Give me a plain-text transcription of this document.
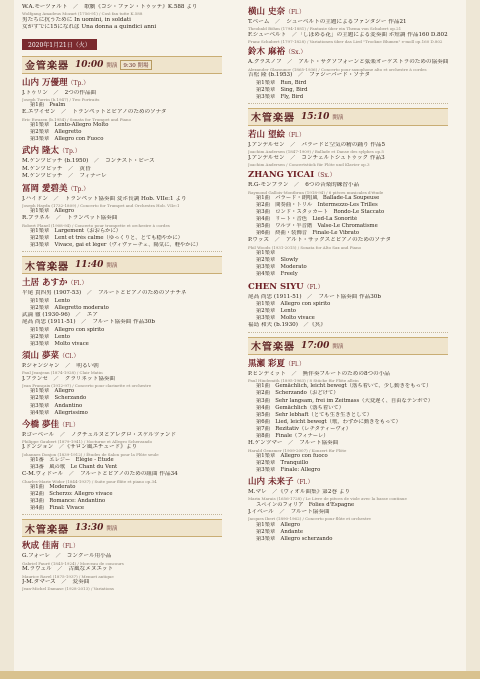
W.A.モーツァルト　／　歌劇《コシ・ファン・トゥッテ》K.588 より
Wolfgang Amadeus Mozart (1756-91) / Così fan tutte K.588
男たちに抗うために In uomini, in soldati
女がすでに15になれば Una donna a quindici anni
2020年1月21日（火）
金管楽器 10:00 開演	9:30 開場
山内 万優理（Tp.）
J.トゥリン　／　2つの作品曲
Joseph Turrin (b.1947) / Two Portraits
第1曲　Psalm
E.エワイゼン　／　トランペットとピアノのためのソナタ
Eric Ewazen (b.1954) / Sonata for Trumpet and Piano
第1楽章　Lento-Allegro Molto
第2楽章　Allegretto
第3楽章　Allegro con Fuoco
武内 隆太（Tp.）
M.ケンツピッチ (b.1950)　／　コンテスト・ピース
M.ケンツピッチ　／　黄昏
M.ケンツピッチ　／　フィナーレ
冨岡 愛碧美（Tp.）
J.ハイドン　／　トランペット協奏曲 変ホ長調 Hob. VIIe:1 より
Joseph Haydn (1732-1809) / Concerto for Trumpet and Orchestra Hob. VIIe:1
第1楽章　Allegro
R.プラネル　／　トランペット協奏曲
Robert Planel (1908-94) / Concerto pour trompette et orchestre à cordes
第1楽章　Largement（おおらかに）
第2楽章　Lent et très calme（ゆっくりと、とても穏やかに）
第3楽章　Vivace, gai et léger（ヴィヴァーチェ、陽気に、軽やかに）
木管楽器 11:40 開演
土居 あすか（Fl.）
平尾 貴四男 (1907-53)　／　フルートとピアノのためのソナチネ
第1楽章　Lento
第2楽章　Allegretto moderato
武満 徹 (1930-96)　／　エア
尾高 尚忠 (1911-51)　／　フルート協奏曲 作品30b
第1楽章　Allegro con spirito
第2楽章　Lento
第3楽章　Molto vivace
須山 夢菜（Cl.）
P.ジャンジャン　／　明るい朝
Paul Jeanjean (1874-1928) / Clair Matin
J.フランセ　／　クラリネット協奏曲
Jean Françaix (1912-97) / Concerto pour clarinette et orchestre
第1楽章　Allegro
第2楽章　Scherzando
第3楽章　Andantino
第4楽章　Allegrissimo
今橋 夢佳（Fl.）
P.ゴーベール　／　ノクチュルヌとアレグロ・スケルツァンド
Philippe Gaubert (1879-1941) / Nocturne et Allegro Scherzando
J.ドンジョン　／《サロン風エチュード》より
Johannes Donjon (1839-1912) / Études de Salon pour la Flûte seule
第1番　エレジー　Élégie - Etude
第3番　風の歌　Le Chant du Vent
C-M.ヴィドール　／　フルートとピアノのための組曲 作品34
Charles-Marie Widor (1844-1937) / Suite pour flûte et piano op.34
第1曲　Moderato
第2曲　Scherzo: Allegro vivace
第3曲　Romance: Andantino
第4曲　Final: Vivace
木管楽器 13:30 開演
秋成 佳南（Fl.）
G.フォーレ　／　コンクール用小品
Gabriel Fauré (1845-1924) / Morceau de concours
M.ラヴェル　／　古風なメヌエット
Maurice Ravel (1875-1937) / Menuet antique
J-M.ダマーズ　／　変奏曲
Jean-Michel Damase (1928-2013) / Variations
横山 史奈（Fl.）
T.ベーム　／　シューベルトの主題によるファンタジー 作品21
Theobald Böhm (1794-1881) / Fantasie über ein Thema von Schubert op.21
F.シューベルト　／「しぼめる花」の主題による変奏曲 ホ短調 作品160 D.802
Franz Schubert (1797-1828) / Variationen über das Lied "Trockne Blumen" e-moll op.160 D.802
鈴木 麻裕（Sx.）
A.グラズノフ　／　アルト・サクソフォーンと弦楽オーケストラのための協奏曲
Alexander Glazounov (1865-1936) / Concerto pour saxophone alto et orchestre à cordes
吉松 隆 (b.1953)　／　ファジーバード・ソナタ
第1楽章　Run, Bird
第2楽章　Sing, Bird
第3楽章　Fly, Bird
木管楽器 15:10 開演
若山 望絵（Fl.）
J.アンデルセン　／　バラードと空気の精の踊り 作品5
Joachim Andersen (1847-1909) / Ballade et Danse des sylphes op.5
J.アンデルセン　／　コンチェルトシュトゥック 作品3
Joachim Andersen / Concertstück für Flöte und Klavier op.3
ZHANG YICAI（Sx.）
R.G-モンブラン　／　6つの音楽的練習小品
Raymond Gallois-Montbrun (1918-94) / 6 pièces musicales d'étude
第1曲　バラード・朗唱風　Ballade-La Soupeuse
第2曲　間奏曲・トリル　Intermezzo-Les Trilles
第3曲　ロンド・スタッカート　Rondo-Le Staccato
第4曲　リート・音色　Lied-La Sonorité
第5曲　ワルツ・半音階　Valse-Le Chromatisme
第6曲　終曲・装飾音　Finale-Le Vibrato
P.ウッズ　／　アルト・サックスとピアノのためのソナタ
Phil Woods (1931-2015) / Sonata for Alto Sax and Piano
第1楽章
第2楽章　Slowly
第3楽章　Moderato
第4楽章　Freely
CHEN SIYU（Fl.）
尾高 尚忠 (1911-51)　／　フルート協奏曲 作品30b
第1楽章　Allegro con spirito
第2楽章　Lento
第3楽章　Molto vivace
福島 和夫 (b.1930)　／《冥》
木管楽器 17:00 開演
黒瀬 彩夏（Fl.）
P.ヒンデミット　／　無伴奏フルートのための8つの小品
Paul Hindemith (1895-1963) / 8 Stücke für Flöte allein
第1曲　Gemächlich, leicht bewegt（落ち着いて、少し動きをもって）
第2曲　Scherzando（おどけて）
第3曲　Sehr langsam, frei im Zeitmass（大変遅く、自由なテンポで）
第4曲　Gemächlich（落ち着いて）
第5曲　Sehr lebhaft（とても生き生きとして）
第6曲　Lied, leicht bewegt（歌、わずかに動きをもって）
第7曲　Rezitativ（レチタティーヴォ）
第8曲　Finale（フィナーレ）
H.ゲンツマー　／　フルート協奏曲
Harald Genzmer (1909-2007) / Konzert für Flöte
第1楽章　Allegro con fuoco
第2楽章　Tranquillo
第3楽章　Finale: Allegro
山内 未来子（Fl.）
M.マレ　／《ヴィオル曲集》第2巻 より
Marin Marais (1656-1728) / Le Livre de pièces de viole avec la basse continue
スペインのフォリア　Folies d'Espagne
J.イベール　／　フルート協奏曲
Jacques Ibert (1890-1962) / Concerto pour flûte et orchestre
第1楽章　Allegro
第2楽章　Andante
第3楽章　Allegro scherzando
